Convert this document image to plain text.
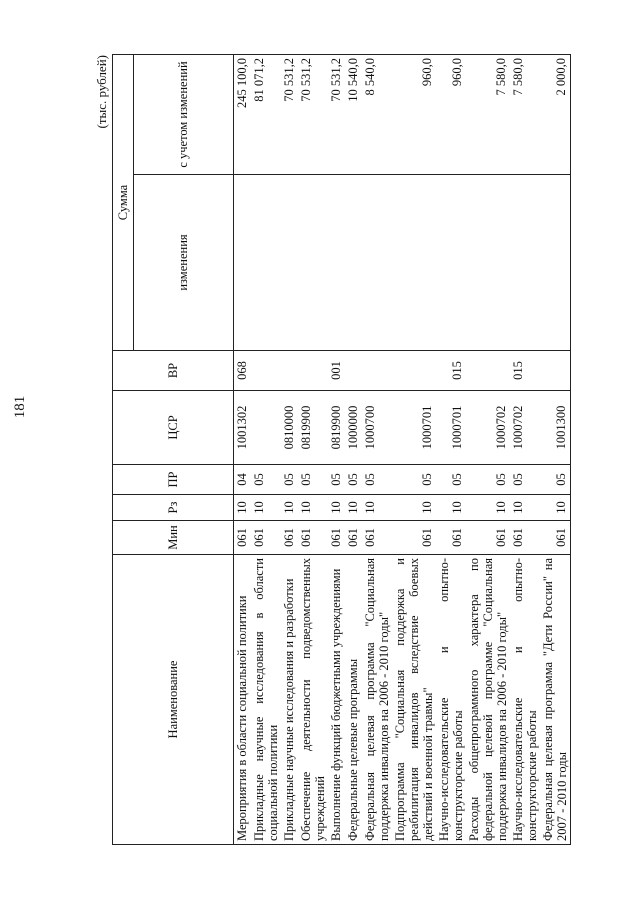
181
(тыс. рублей)
Наименование	Мин	Рз	ПР	ЦСР	ВР	Сумма	
						изменения	с учетом изменений
Мероприятия в области социальной политики	061	10	04	1001302	068		245 100,0
Прикладные научные исследования в области социальной политики	061	10	05				81 071,2
Прикладные научные исследования и разработки	061	10	05	0810000			70 531,2
Обеспечение деятельности подведомственных учреждений	061	10	05	0819900			70 531,2
Выполнение функций бюджетными учреждениями	061	10	05	0819900	001		70 531,2
Федеральные целевые программы	061	10	05	1000000			10 540,0
Федеральная целевая программа "Социальная поддержка инвалидов на 2006 - 2010 годы"	061	10	05	1000700			8 540,0
Подпрограмма "Социальная поддержка и реабилитация инвалидов вследствие боевых действий и военной травмы"	061	10	05	1000701			960,0
Научно-исследовательские и опытно-конструкторские работы	061	10	05	1000701	015		960,0
Расходы общепрограммного характера по федеральной целевой программе "Социальная поддержка инвалидов на 2006 - 2010 годы"	061	10	05	1000702			7 580,0
Научно-исследовательские и опытно-конструкторские работы	061	10	05	1000702	015		7 580,0
Федеральная целевая программа "Дети России" на 2007 - 2010 годы	061	10	05	1001300			2 000,0
